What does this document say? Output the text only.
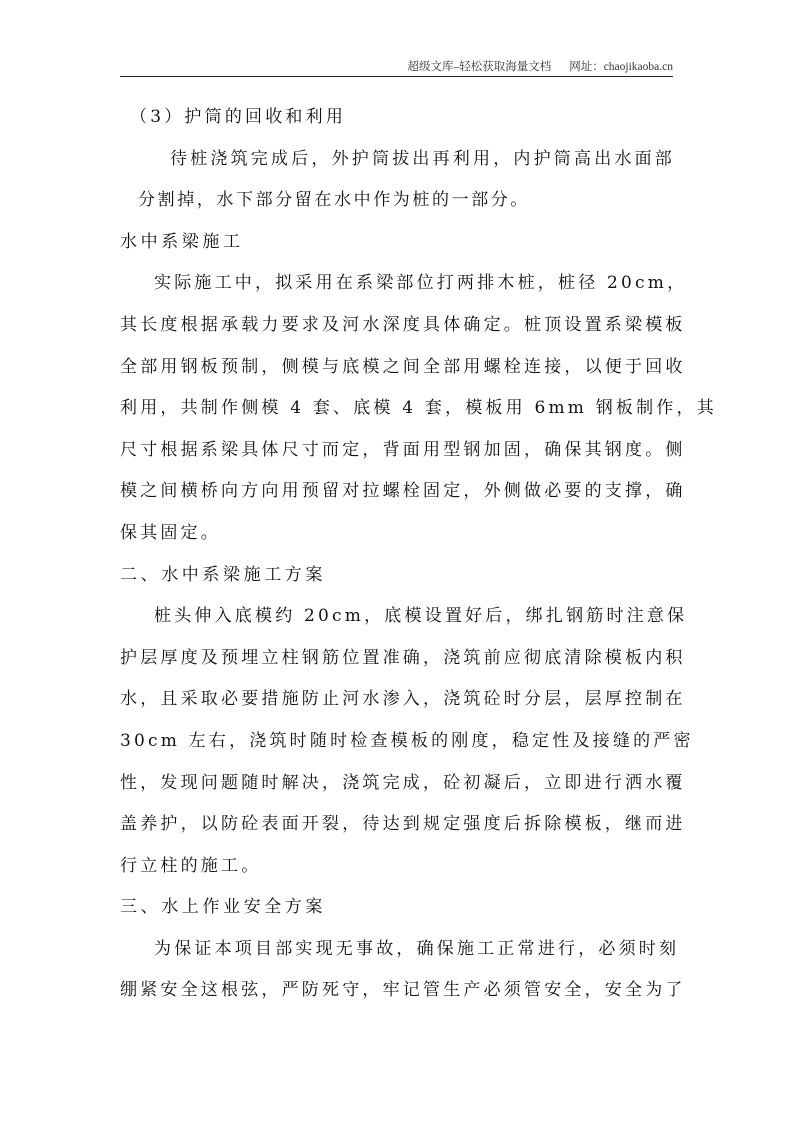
超级文库–轻松获取海量文档 网址：chaojikaoba.cn
（3）护筒的回收和利用
待桩浇筑完成后，外护筒拔出再利用，内护筒高出水面部
分割掉，水下部分留在水中作为桩的一部分。
水中系梁施工
实际施工中，拟采用在系梁部位打两排木桩，桩径 20cm，
其长度根据承载力要求及河水深度具体确定。桩顶设置系梁模板
全部用钢板预制，侧模与底模之间全部用螺栓连接，以便于回收
利用，共制作侧模 4 套、底模 4 套，模板用 6mm 钢板制作，其
尺寸根据系梁具体尺寸而定，背面用型钢加固，确保其钢度。侧
模之间横桥向方向用预留对拉螺栓固定，外侧做必要的支撑，确
保其固定。
二、水中系梁施工方案
桩头伸入底模约 20cm，底模设置好后，绑扎钢筋时注意保
护层厚度及预埋立柱钢筋位置准确，浇筑前应彻底清除模板内积
水，且采取必要措施防止河水渗入，浇筑砼时分层，层厚控制在
30cm 左右，浇筑时随时检查模板的刚度，稳定性及接缝的严密
性，发现问题随时解决，浇筑完成，砼初凝后，立即进行洒水覆
盖养护，以防砼表面开裂，待达到规定强度后拆除模板，继而进
行立柱的施工。
三、水上作业安全方案
为保证本项目部实现无事故，确保施工正常进行，必须时刻
绷紧安全这根弦，严防死守，牢记管生产必须管安全，安全为了
